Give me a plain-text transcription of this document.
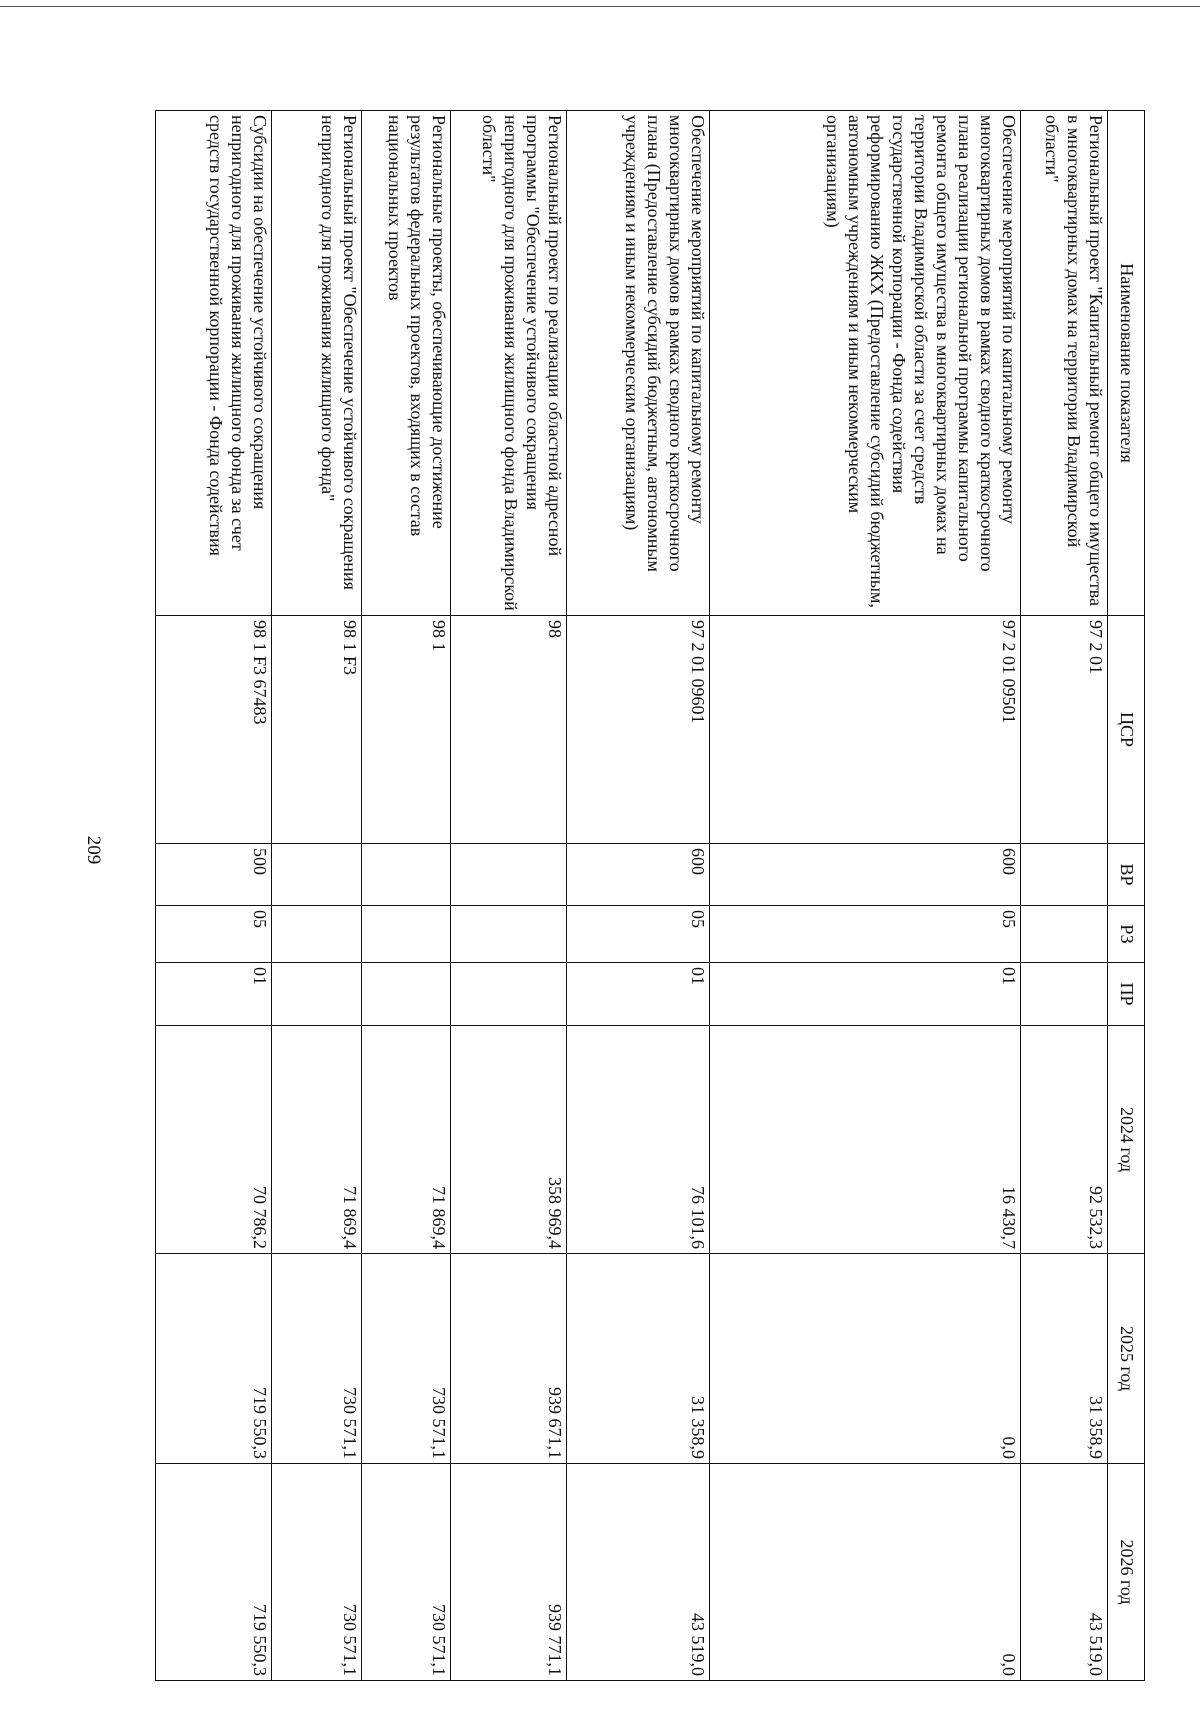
209
Наименование показателя	ЦСР	ВР	РЗ	ПР	2024 год	2025 год	2026 год
Региональный проект "Капитальный ремонт общего имущества в многоквартирных домах на территории Владимирской области"	97 2 01				92 532,3	31 358,9	43 519,0
Обеспечение мероприятий по капитальному ремонту многоквартирных домов в рамках сводного краткосрочного плана реализации региональной программы капитального ремонта общего имущества в многоквартирных домах на территории Владимирской области за счет средств государственной корпорации - Фонда содействия реформированию ЖКХ (Предоставление субсидий бюджетным, автономным учреждениям и иным некоммерческим организациям)	97 2 01 09501	600	05	01	16 430,7	0,0	0,0
Обеспечение мероприятий по капитальному ремонту многоквартирных домов в рамках сводного краткосрочного плана (Предоставление субсидий бюджетным, автономным учреждениям и иным некоммерческим организациям)	97 2 01 09601	600	05	01	76 101,6	31 358,9	43 519,0
Региональный проект по реализации областной адресной программы "Обеспечение устойчивого сокращения непригодного для проживания жилищного фонда Владимирской области"	98				358 969,4	939 671,1	939 771,1
Региональные проекты, обеспечивающие достижение результатов федеральных проектов, входящих в состав национальных проектов	98 1				71 869,4	730 571,1	730 571,1
Региональный проект "Обеспечение устойчивого сокращения непригодного для проживания жилищного фонда"	98 1 F3				71 869,4	730 571,1	730 571,1
Субсидии на обеспечение устойчивого сокращения непригодного для проживания жилищного фонда за счет средств государственной корпорации - Фонда содействия	98 1 F3 67483	500	05	01	70 786,2	719 550,3	719 550,3
